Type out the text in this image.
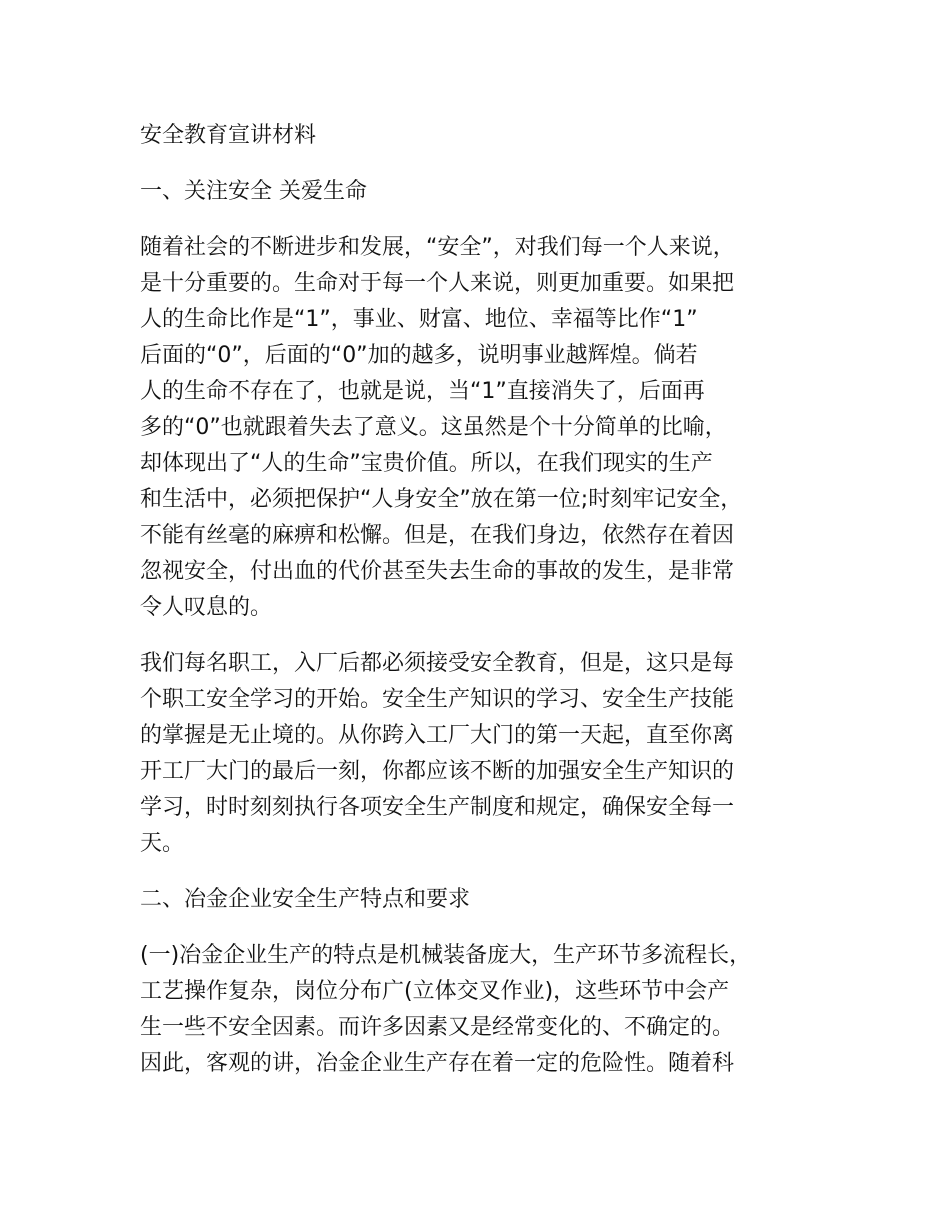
安全教育宣讲材料
一、关注安全 关爱生命
随着社会的不断进步和发展，“安全”，对我们每一个人来说，
是十分重要的。生命对于每一个人来说，则更加重要。如果把
人的生命比作是“1”，事业、财富、地位、幸福等比作“1”
后面的“0”，后面的“0”加的越多，说明事业越辉煌。倘若
人的生命不存在了，也就是说，当“1”直接消失了，后面再
多的“0”也就跟着失去了意义。这虽然是个十分简单的比喻，
却体现出了“人的生命”宝贵价值。所以，在我们现实的生产
和生活中，必须把保护“人身安全”放在第一位;时刻牢记安全，
不能有丝毫的麻痹和松懈。但是，在我们身边，依然存在着因
忽视安全，付出血的代价甚至失去生命的事故的发生，是非常
令人叹息的。
我们每名职工，入厂后都必须接受安全教育，但是，这只是每
个职工安全学习的开始。安全生产知识的学习、安全生产技能
的掌握是无止境的。从你跨入工厂大门的第一天起，直至你离
开工厂大门的最后一刻，你都应该不断的加强安全生产知识的
学习，时时刻刻执行各项安全生产制度和规定，确保安全每一
天。
二、冶金企业安全生产特点和要求
(一)冶金企业生产的特点是机械装备庞大，生产环节多流程长，
工艺操作复杂，岗位分布广(立体交叉作业)，这些环节中会产
生一些不安全因素。而许多因素又是经常变化的、不确定的。
因此，客观的讲，冶金企业生产存在着一定的危险性。随着科
